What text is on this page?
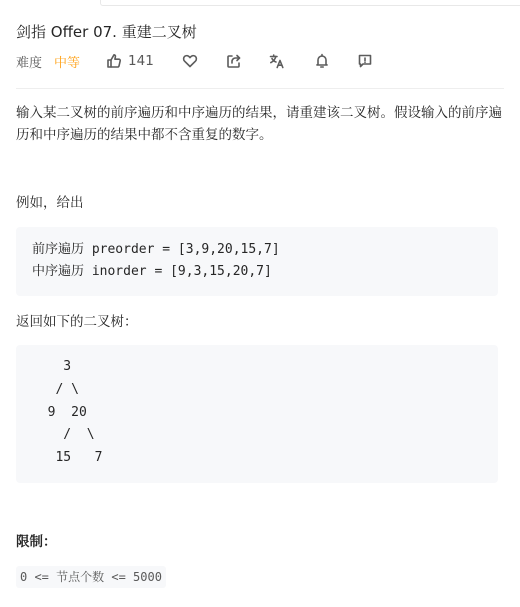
剑指 Offer 07. 重建二叉树
难度 中等	141

输入某二叉树的前序遍历和中序遍历的结果，请重建该二叉树。假设输入的前序遍历和中序遍历的结果中都不含重复的数字。

例如，给出

前序遍历 preorder = [3,9,20,15,7]
中序遍历 inorder = [9,3,15,20,7]

返回如下的二叉树：

3
/ \
9  20
/  \
15   7

限制：

0 <= 节点个数 <= 5000
